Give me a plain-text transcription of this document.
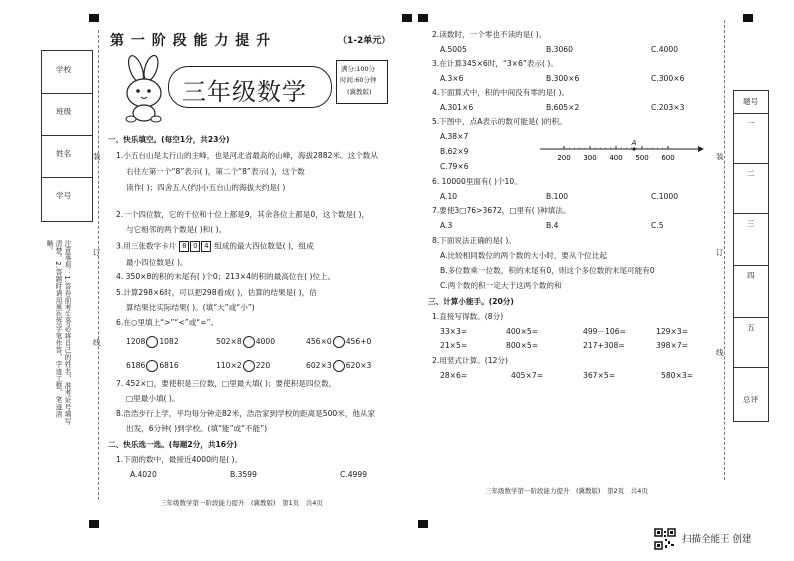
学校
班级
姓名
学号
注意事项：1.答卷前考生务必将自己的姓名、准考证号填写清楚。2.答题时请用黑色签字笔作答，字迹工整、笔迹清晰。
装
订
线
第 一 阶 段 能 力 提 升	（1-2单元）
三年级数学
满分:100分
时间:60分钟
(冀教版)
一、快乐填空。(每空1分，共23分)
1.小五台山是太行山的主峰，也是河北省最高的山峰，海拔2882米。这个数从
右往左第一个“8”表示( )，第二个“8”表示( )，这个数
读作( )；四舍五入(约)小五台山的海拔大约是( )
2.一个四位数，它的千位和十位上都是9，其余各位上都是0，这个数是( )，
与它相邻的两个数是( )和( )。
3.用三张数字卡片 8 0 4 组成的最大四位数是( )，组成
最小四位数是( )。
4. 350×8的积的末尾有( )个0；213×4的积的最高位在( )位上。
5.计算298×6时，可以把298看成( )，估算的结果是( )，估
算结果比实际结果( )。(填“大”或“小”)
6.在○里填上“>”“<”或“=”。
1208 1082	502×8 4000	456×0 456+0
6186 6816	110×2 220	602×3 620×3
7. 452×□，要使积是三位数，□里最大填( )；要使积是四位数，
□里最小填( )。
8.浩浩步行上学，平均每分钟走82米，浩浩家到学校的距离是500米，他从家
出发，6分钟( )到学校。(填“能”或“不能”)
二、快乐选一选。(每题2分，共16分)
1.下面的数中，最接近4000的是( )。
A.4020	B.3599	C.4999
三年级数学第一阶段能力提升　(冀教版)　第1页　共4页
2.读数时，一个零也不读的是( )。
A.5005	B.3060	C.4000
3.在计算345×6时，“3×6”表示( )。
A.3×6	B.300×6	C.300×6
4.下面算式中，积的中间没有零的是( )。
A.301×6	B.605×2	C.203×3
5.下图中，点A表示的数可能是( )的积。
A.38×7
B.62×9
C.79×6
200 300 400 500 600
A
6. 10000里面有( )个10。
A.10	B.100	C.1000
7.要使3□76>3672，□里有( )种填法。
A.3	B.4	C.5
8.下面说法正确的是( )。
A.比较相同数位的两个数的大小时，要从个位比起
B.多位数乘一位数，积的末尾有0，则这个多位数的末尾可能有0
C.两个数的积一定大于这两个数的和
三、计算小能手。(20分)
1.直接写得数。(8分)
33×3=	400×5=	499－106=	129×3=
21×5=	800×5=	217+308=	398×7=
2.用竖式计算。(12分)
28×6=	405×7=	367×5=	580×3=
三年级数学第一阶段能力提升　(冀教版)　第2页　共4页
装
订
线
题号
一
二
三
四
五
总评
扫描全能王 创建
